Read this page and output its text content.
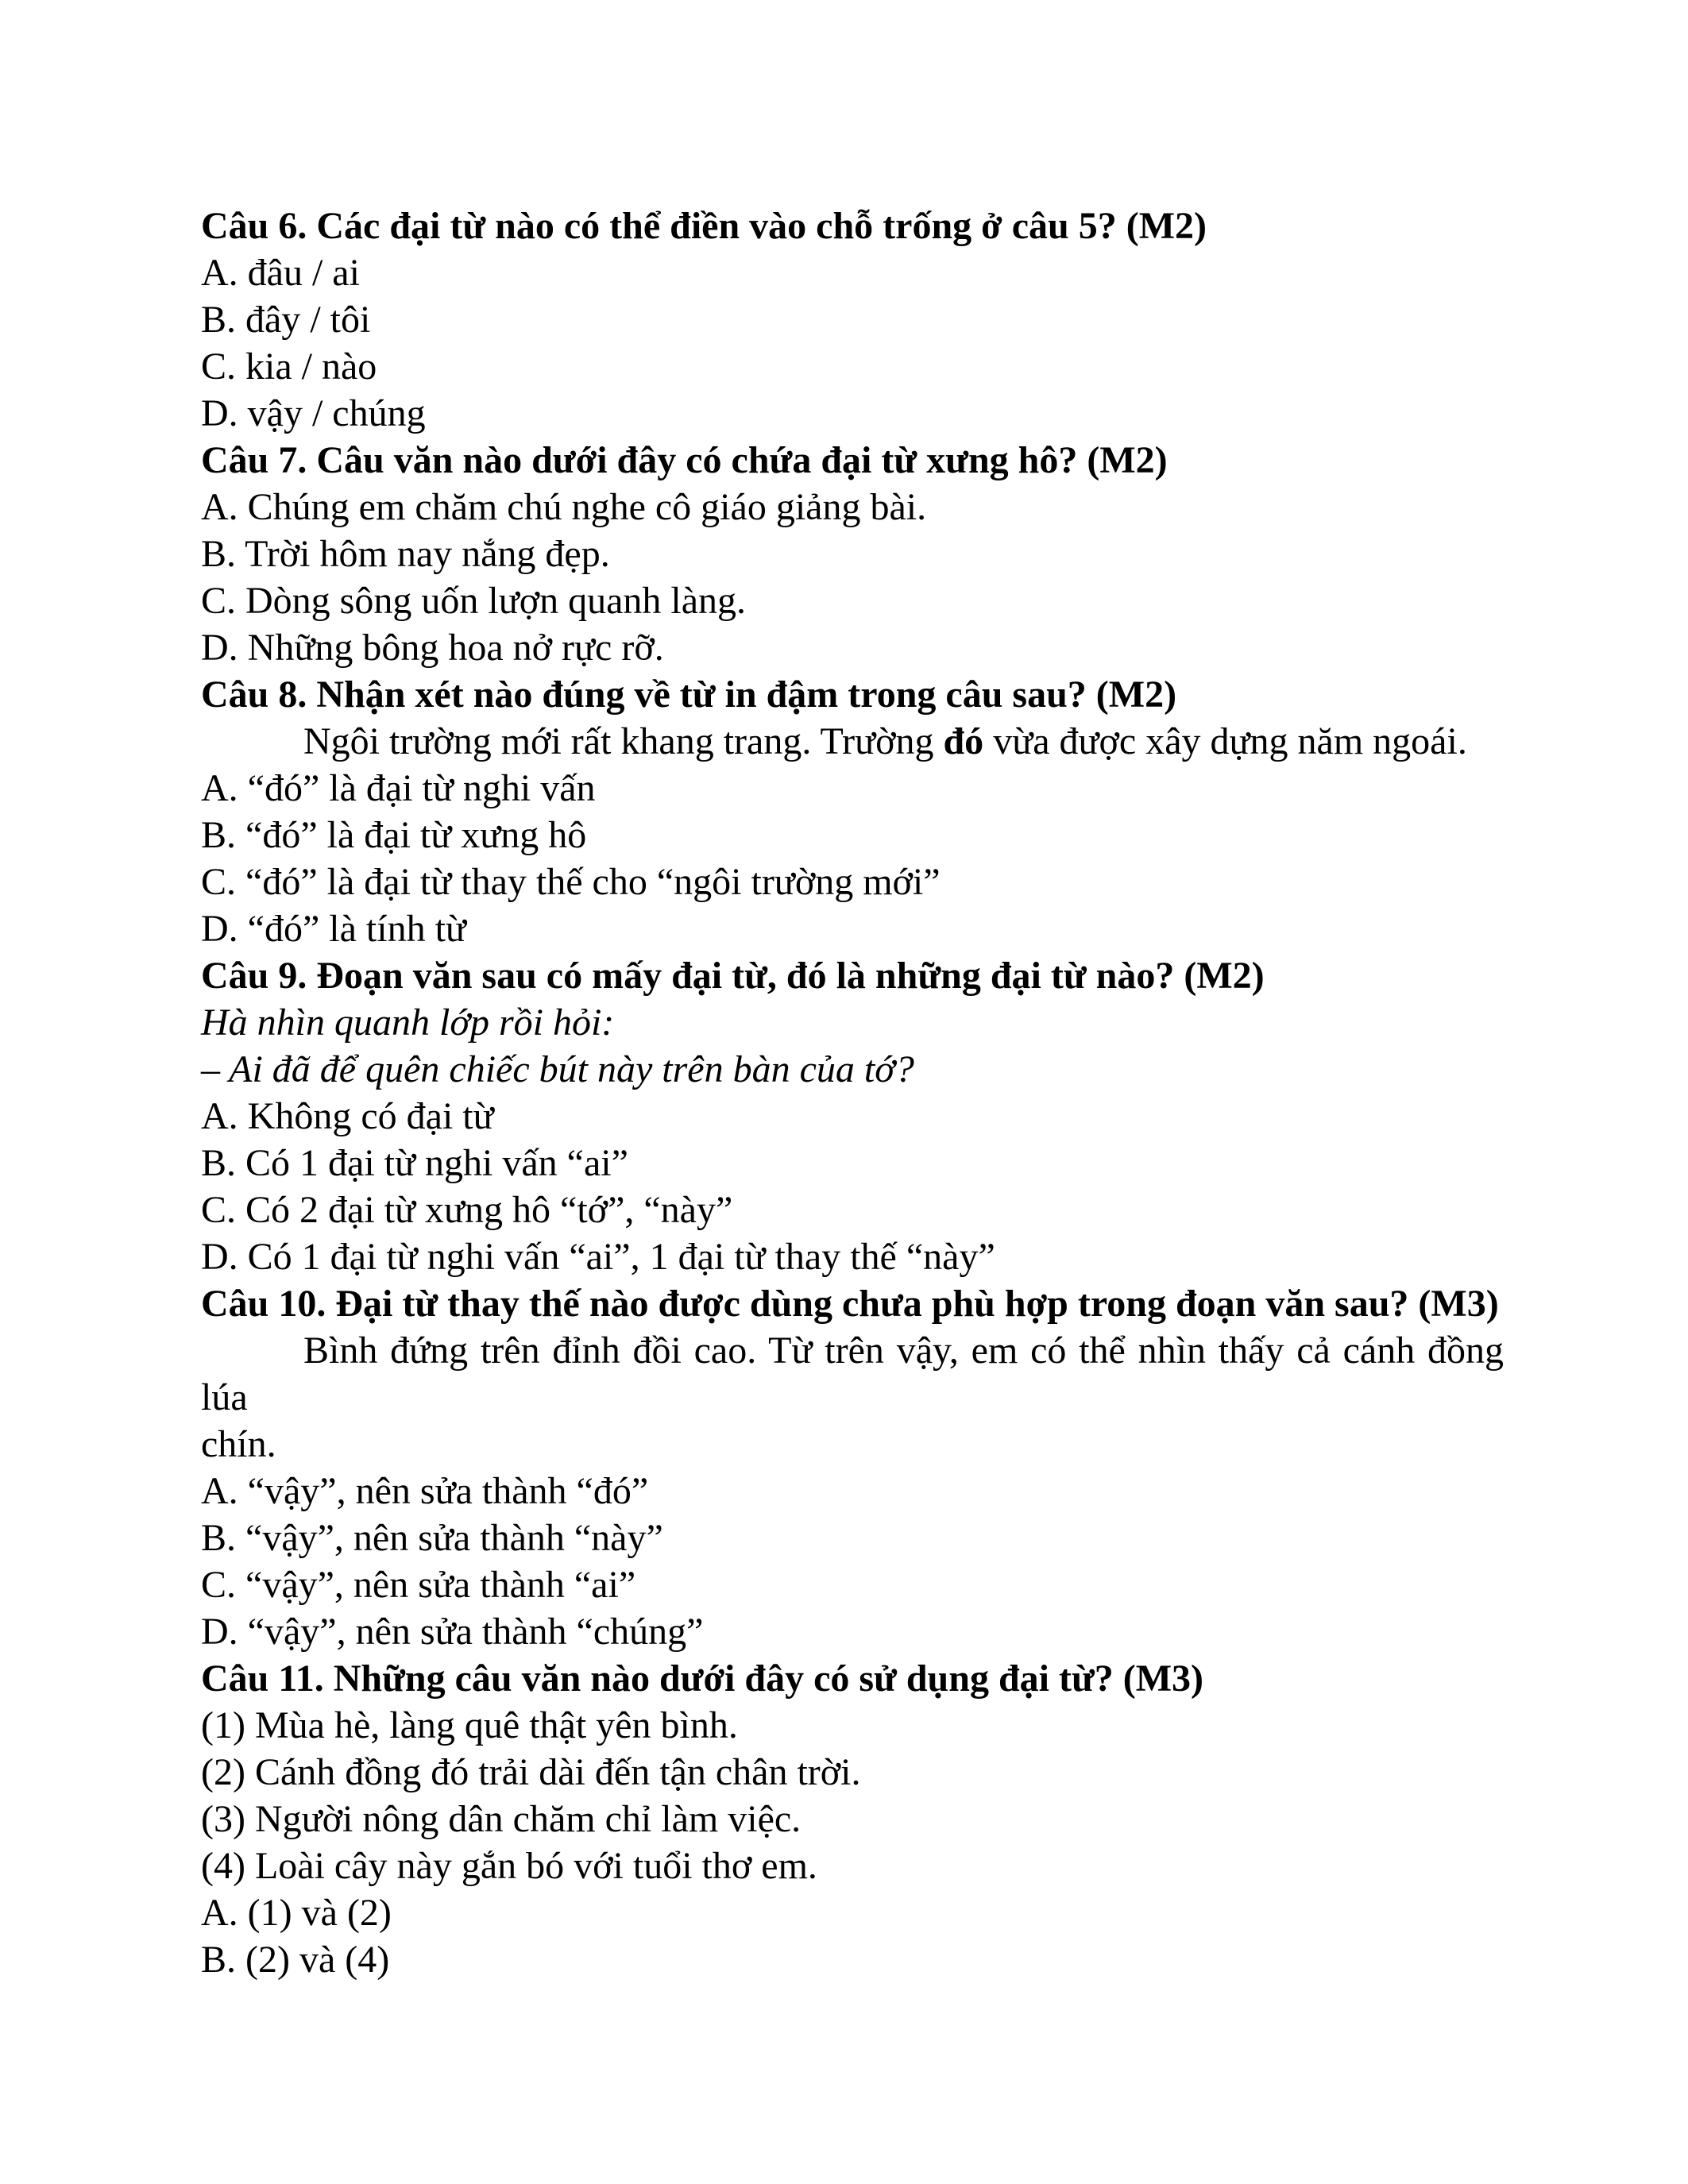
Câu 6. Các đại từ nào có thể điền vào chỗ trống ở câu 5? (M2)

A. đâu / ai

B. đây / tôi

C. kia / nào

D. vậy / chúng

Câu 7. Câu văn nào dưới đây có chứa đại từ xưng hô? (M2)

A. Chúng em chăm chú nghe cô giáo giảng bài.

B. Trời hôm nay nắng đẹp.

C. Dòng sông uốn lượn quanh làng.

D. Những bông hoa nở rực rỡ.

Câu 8. Nhận xét nào đúng về từ in đậm trong câu sau? (M2)

Ngôi trường mới rất khang trang. Trường đó vừa được xây dựng năm ngoái.

A. “đó” là đại từ nghi vấn

B. “đó” là đại từ xưng hô

C. “đó” là đại từ thay thế cho “ngôi trường mới”

D. “đó” là tính từ

Câu 9. Đoạn văn sau có mấy đại từ, đó là những đại từ nào? (M2)

Hà nhìn quanh lớp rồi hỏi:

– Ai đã để quên chiếc bút này trên bàn của tớ?

A. Không có đại từ

B. Có 1 đại từ nghi vấn “ai”

C. Có 2 đại từ xưng hô “tớ”, “này”

D. Có 1 đại từ nghi vấn “ai”, 1 đại từ thay thế “này”

Câu 10. Đại từ thay thế nào được dùng chưa phù hợp trong đoạn văn sau? (M3)

Bình đứng trên đỉnh đồi cao. Từ trên vậy, em có thể nhìn thấy cả cánh đồng lúa

chín.

A. “vậy”, nên sửa thành “đó”

B. “vậy”, nên sửa thành “này”

C. “vậy”, nên sửa thành “ai”

D. “vậy”, nên sửa thành “chúng”

Câu 11. Những câu văn nào dưới đây có sử dụng đại từ? (M3)

(1) Mùa hè, làng quê thật yên bình.

(2) Cánh đồng đó trải dài đến tận chân trời.

(3) Người nông dân chăm chỉ làm việc.

(4) Loài cây này gắn bó với tuổi thơ em.

A. (1) và (2)

B. (2) và (4)
